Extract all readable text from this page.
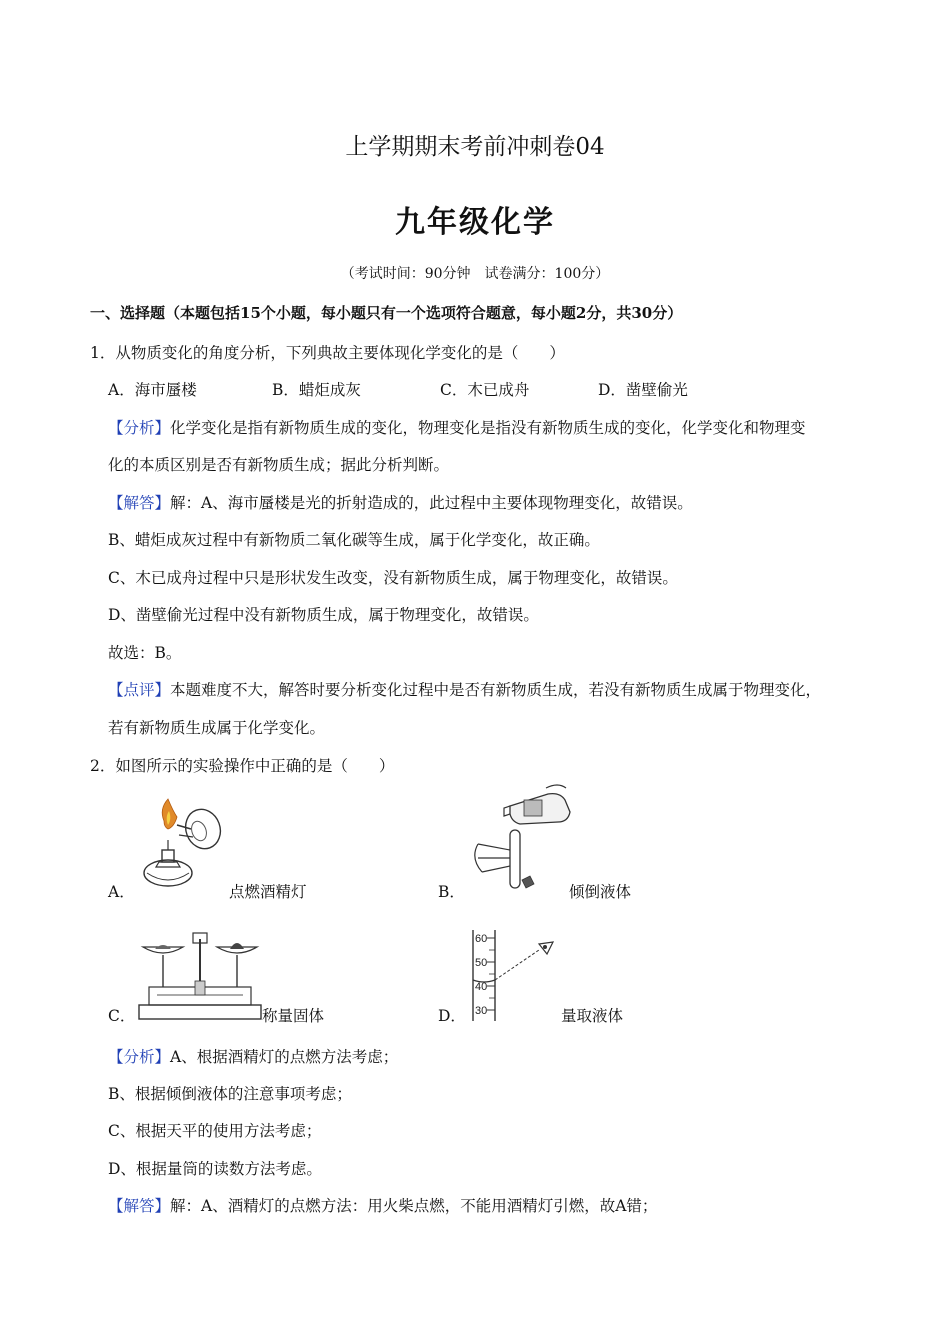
上学期期末考前冲刺卷04
九年级化学
（考试时间：90分钟　试卷满分：100分）
一、选择题（本题包括15个小题，每小题只有一个选项符合题意，每小题2分，共30分）
1．从物质变化的角度分析，下列典故主要体现化学变化的是（　　）
A．海市蜃楼	B．蜡炬成灰	C．木已成舟	D．凿壁偷光
【分析】化学变化是指有新物质生成的变化，物理变化是指没有新物质生成的变化，化学变化和物理变
化的本质区别是否有新物质生成；据此分析判断。
【解答】解：A、海市蜃楼是光的折射造成的，此过程中主要体现物理变化，故错误。
B、蜡炬成灰过程中有新物质二氧化碳等生成，属于化学变化，故正确。
C、木已成舟过程中只是形状发生改变，没有新物质生成，属于物理变化，故错误。
D、凿壁偷光过程中没有新物质生成，属于物理变化，故错误。
故选：B。
【点评】本题难度不大，解答时要分析变化过程中是否有新物质生成，若没有新物质生成属于物理变化，
若有新物质生成属于化学变化。
2．如图所示的实验操作中正确的是（　　）
A．	点燃酒精灯	B．	倾倒液体
C．	称量固体
60
50
40
30
D．	量取液体
【分析】A、根据酒精灯的点燃方法考虑；
B、根据倾倒液体的注意事项考虑；
C、根据天平的使用方法考虑；
D、根据量筒的读数方法考虑。
【解答】解：A、酒精灯的点燃方法：用火柴点燃，不能用酒精灯引燃，故A错；
